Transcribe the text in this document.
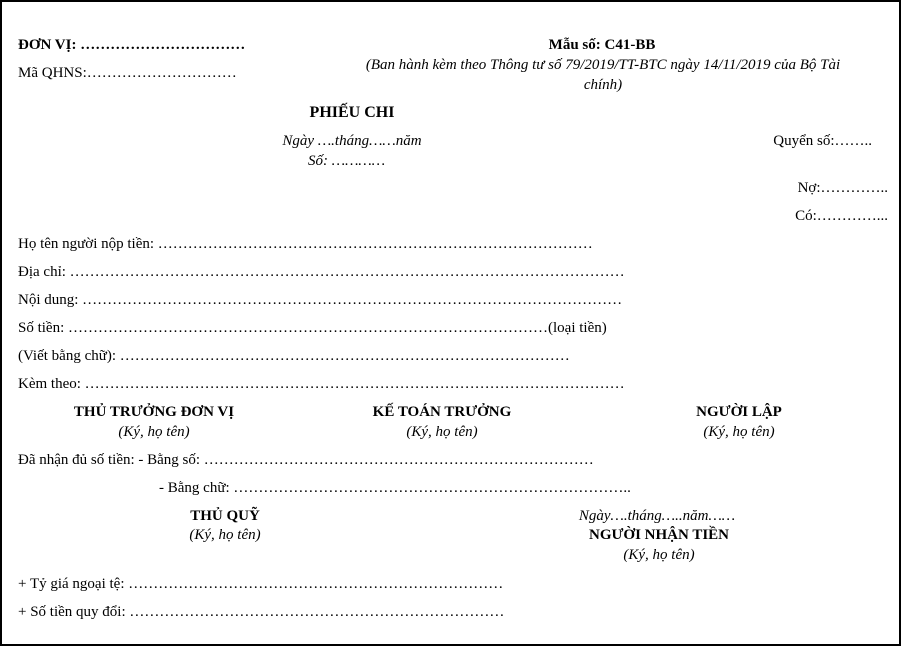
ĐƠN VỊ: ……………………………
Mã QHNS:…………………………
Mẫu số: C41-BB
(Ban hành kèm theo Thông tư số 79/2019/TT-BTC ngày 14/11/2019 của Bộ Tài
chính)
PHIẾU CHI
Ngày ….tháng……năm
Số: …………
Quyển số:……..
Nợ:…………..
Có:…………...
Họ tên người nộp tiền: ……………………………………………………………………………
Địa chỉ: …………………………………………………………………………………………………
Nội dung: ………………………………………………………………………………………………
Số tiền: ……………………………………………………………………………………(loại tiền)
(Viết bằng chữ): ………………………………………………………………………………
Kèm theo: ………………………………………………………………………………………………
THỦ TRƯỞNG ĐƠN VỊ
(Ký, họ tên)
KẾ TOÁN TRƯỞNG
(Ký, họ tên)
NGƯỜI LẬP
(Ký, họ tên)
Đã nhận đủ số tiền: - Bằng số: ……………………………………………………………………
- Bằng chữ: ……………………………………………………………………..
THỦ QUỸ
(Ký, họ tên)
Ngày….tháng…..năm……
NGƯỜI NHẬN TIỀN
(Ký, họ tên)
+ Tỷ giá ngoại tệ: …………………………………………………………………
+ Số tiền quy đổi: …………………………………………………………………
